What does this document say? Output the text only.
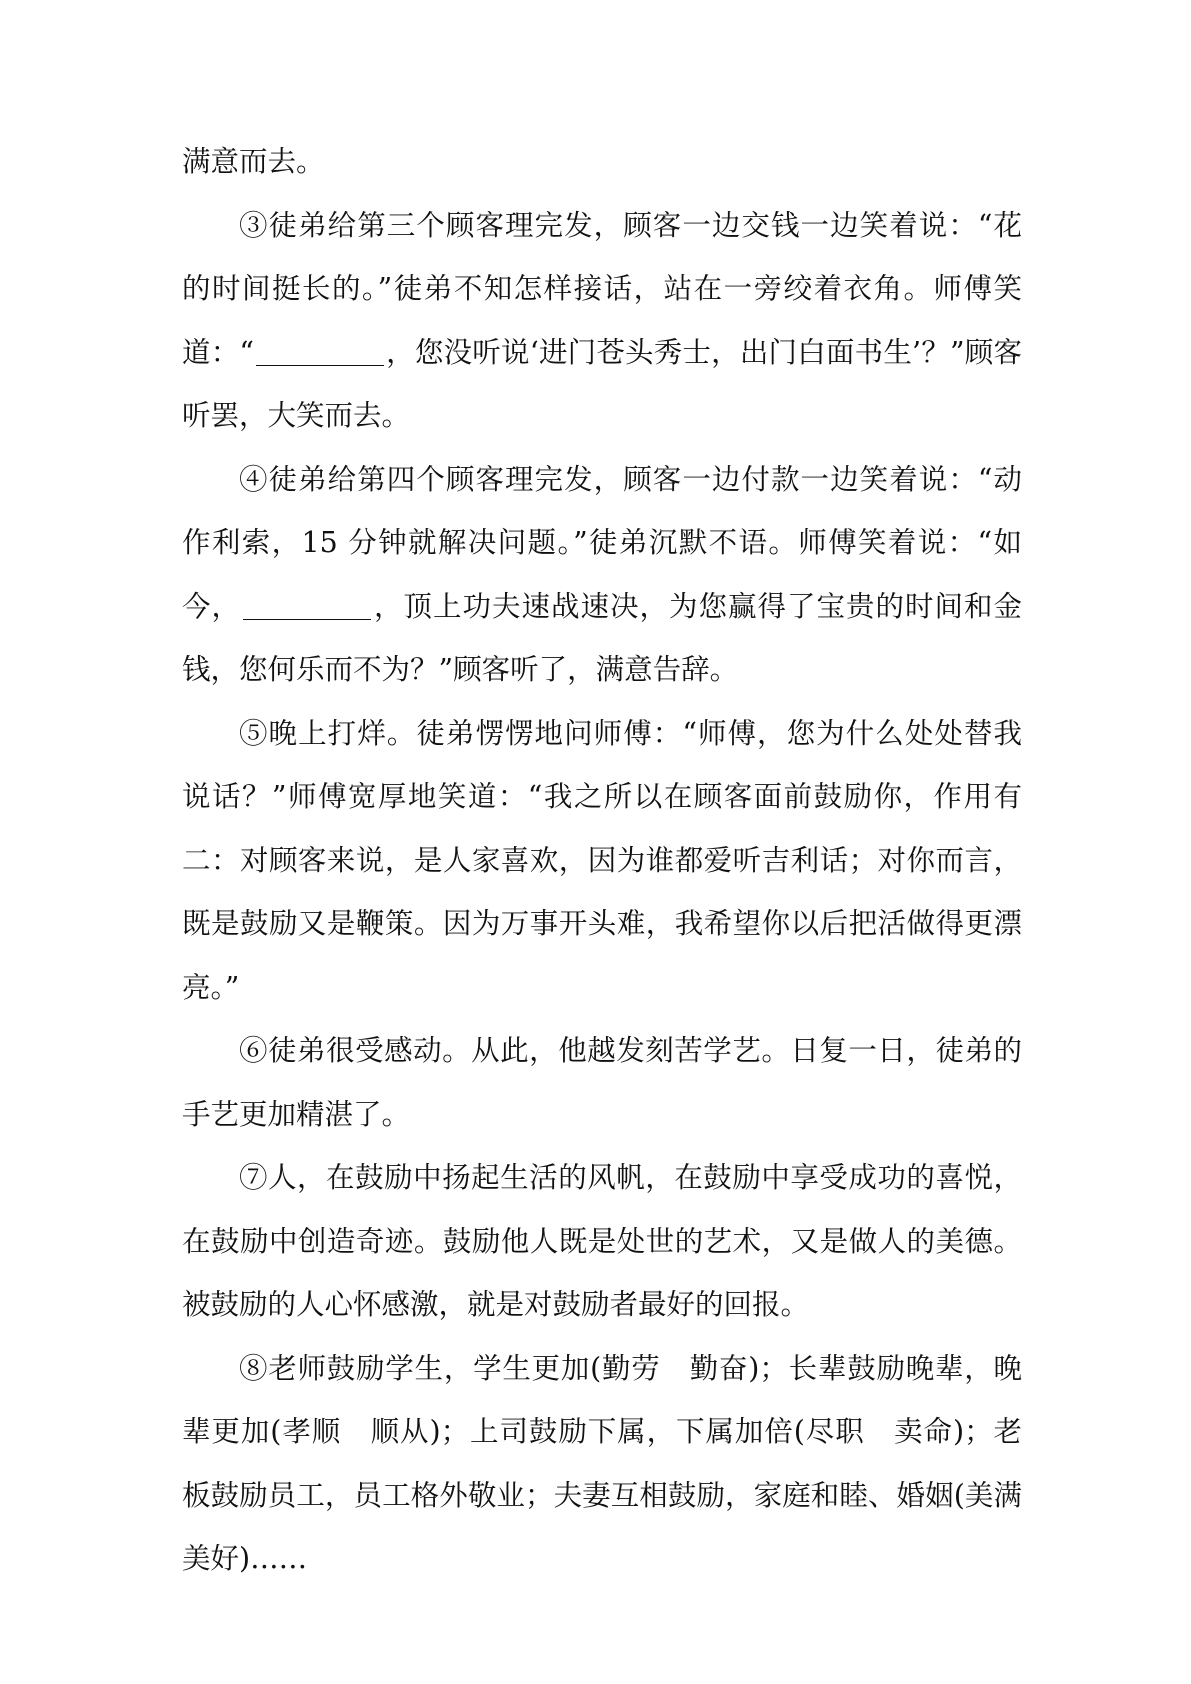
满意而去。

③徒弟给第三个顾客理完发，顾客一边交钱一边笑着说：“花的时间挺长的。”徒弟不知怎样接话，站在一旁绞着衣角。师傅笑道：“	，您没听说‘进门苍头秀士，出门白面书生’？”顾客听罢，大笑而去。

④徒弟给第四个顾客理完发，顾客一边付款一边笑着说：“动作利索，15 分钟就解决问题。”徒弟沉默不语。师傅笑着说：“如今，	，顶上功夫速战速决，为您赢得了宝贵的时间和金钱，您何乐而不为？”顾客听了，满意告辞。

⑤晚上打烊。徒弟愣愣地问师傅：“师傅，您为什么处处替我说话？”师傅宽厚地笑道：“我之所以在顾客面前鼓励你，作用有二：对顾客来说，是人家喜欢，因为谁都爱听吉利话；对你而言，既是鼓励又是鞭策。因为万事开头难，我希望你以后把活做得更漂亮。”

⑥徒弟很受感动。从此，他越发刻苦学艺。日复一日，徒弟的手艺更加精湛了。

⑦人，在鼓励中扬起生活的风帆，在鼓励中享受成功的喜悦，在鼓励中创造奇迹。鼓励他人既是处世的艺术，又是做人的美德。被鼓励的人心怀感激，就是对鼓励者最好的回报。

⑧老师鼓励学生，学生更加(勤劳　勤奋)；长辈鼓励晚辈，晚辈更加(孝顺　顺从)；上司鼓励下属，下属加倍(尽职　卖命)；老板鼓励员工，员工格外敬业；夫妻互相鼓励，家庭和睦、婚姻(美满　美好)……
